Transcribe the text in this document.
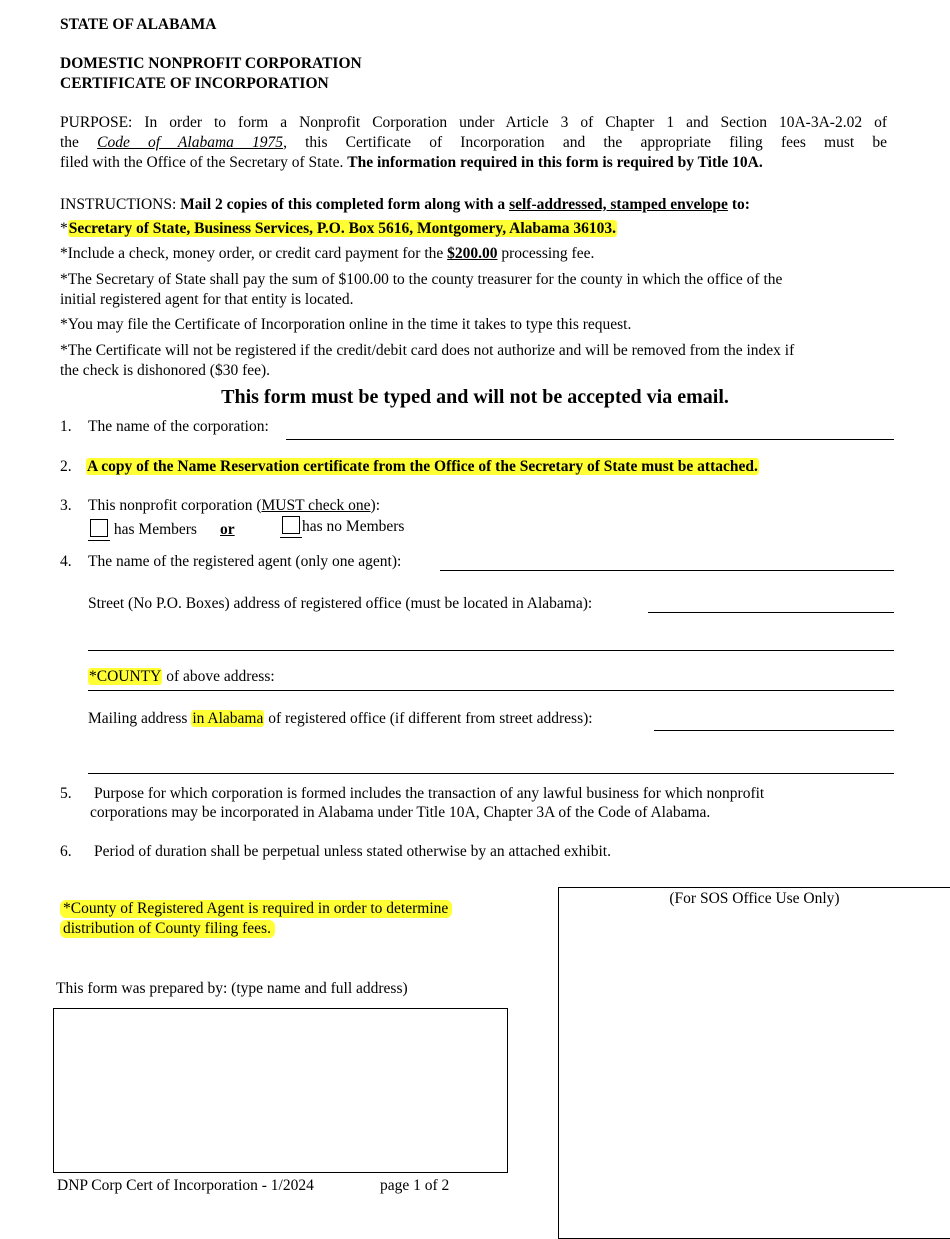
STATE OF ALABAMA
DOMESTIC NONPROFIT CORPORATION
CERTIFICATE OF INCORPORATION
PURPOSE: In order to form a Nonprofit Corporation under Article 3 of Chapter 1 and Section 10A-3A-2.02 of
the Code of Alabama 1975, this Certificate of Incorporation and the appropriate filing fees must be
filed with the Office of the Secretary of State. The information required in this form is required by Title 10A.
INSTRUCTIONS: Mail 2 copies of this completed form along with a self-addressed, stamped envelope to:
*Secretary of State, Business Services, P.O. Box 5616, Montgomery, Alabama 36103.
*Include a check, money order, or credit card payment for the $200.00 processing fee.
*The Secretary of State shall pay the sum of $100.00 to the county treasurer for the county in which the office of the
initial registered agent for that entity is located.
*You may file the Certificate of Incorporation online in the time it takes to type this request.
*The Certificate will not be registered if the credit/debit card does not authorize and will be removed from the index if
the check is dishonored ($30 fee).
This form must be typed and will not be accepted via email.
1. The name of the corporation:
2. A copy of the Name Reservation certificate from the Office of the Secretary of State must be attached.
3. This nonprofit corporation (MUST check one):
has Members or	has no Members
4. The name of the registered agent (only one agent):
Street (No P.O. Boxes) address of registered office (must be located in Alabama):
*COUNTY of above address:
Mailing address in Alabama of registered office (if different from street address):
5. Purpose for which corporation is formed includes the transaction of any lawful business for which nonprofit
corporations may be incorporated in Alabama under Title 10A, Chapter 3A of the Code of Alabama.
6. Period of duration shall be perpetual unless stated otherwise by an attached exhibit.
*County of Registered Agent is required in order to determine
distribution of County filing fees.
(For SOS Office Use Only)
This form was prepared by: (type name and full address)
DNP Corp Cert of Incorporation - 1/2024	page 1 of 2
